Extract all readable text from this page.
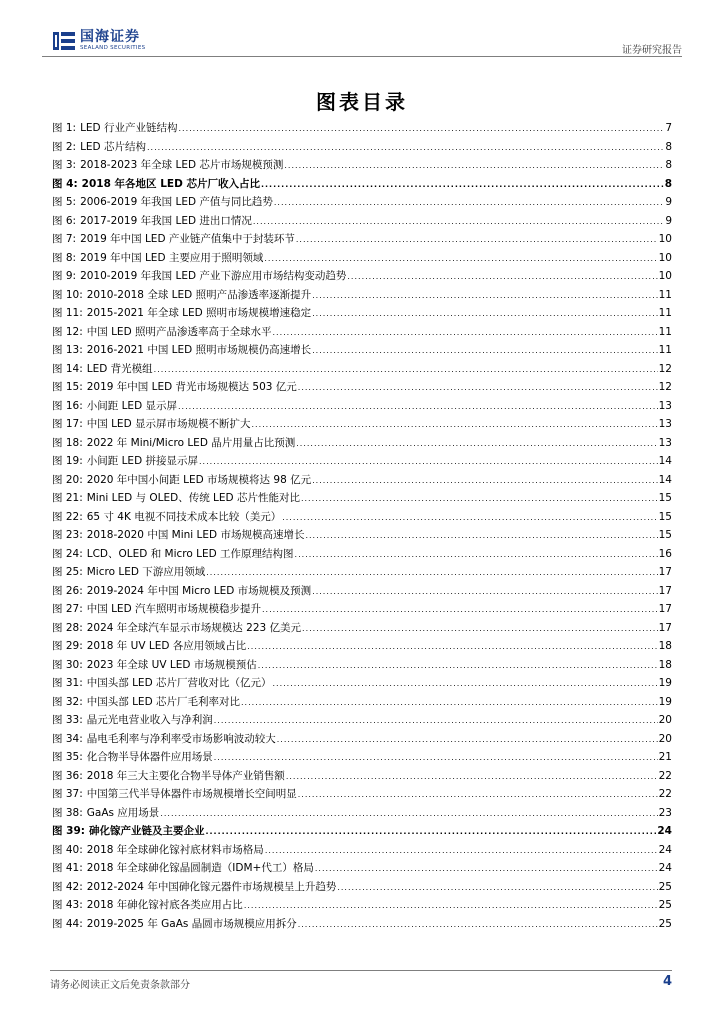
国海证券
SEALAND SECURITIES	证券研究报告
图表目录
图 1: LED 行业产业链结构 .....	7
图 2: LED 芯片结构 .....	8
图 3: 2018-2023 年全球 LED 芯片市场规模预测 .....	8
图 4: 2018 年各地区 LED 芯片厂收入占比 .....	8
图 5: 2006-2019 年我国 LED 产值与同比趋势 .....	9
图 6: 2017-2019 年我国 LED 进出口情况 .....	9
图 7: 2019 年中国 LED 产业链产值集中于封装环节 .....	10
图 8: 2019 年中国 LED 主要应用于照明领域 .....	10
图 9: 2010-2019 年我国 LED 产业下游应用市场结构变动趋势 .....	10
图 10: 2010-2018 全球 LED 照明产品渗透率逐渐提升 .....	11
图 11: 2015-2021 年全球 LED 照明市场规模增速稳定 .....	11
图 12: 中国 LED 照明产品渗透率高于全球水平 .....	11
图 13: 2016-2021 中国 LED 照明市场规模仍高速增长 .....	11
图 14: LED 背光模组 .....	12
图 15: 2019 年中国 LED 背光市场规模达 503 亿元 .....	12
图 16: 小间距 LED 显示屏 .....	13
图 17: 中国 LED 显示屏市场规模不断扩大 .....	13
图 18: 2022 年 Mini/Micro LED 晶片用量占比预测 .....	13
图 19: 小间距 LED 拼接显示屏 .....	14
图 20: 2020 年中国小间距 LED 市场规模将达 98 亿元 .....	14
图 21: Mini LED 与 OLED、传统 LED 芯片性能对比 .....	15
图 22: 65 寸 4K 电视不同技术成本比较（美元） .....	15
图 23: 2018-2020 中国 Mini LED 市场规模高速增长 .....	15
图 24: LCD、OLED 和 Micro LED 工作原理结构图 .....	16
图 25: Micro LED 下游应用领域 .....	17
图 26: 2019-2024 年中国 Micro LED 市场规模及预测 .....	17
图 27: 中国 LED 汽车照明市场规模稳步提升 .....	17
图 28: 2024 年全球汽车显示市场规模达 223 亿美元 .....	17
图 29: 2018 年 UV LED 各应用领域占比 .....	18
图 30: 2023 年全球 UV LED 市场规模预估 .....	18
图 31: 中国头部 LED 芯片厂营收对比（亿元） .....	19
图 32: 中国头部 LED 芯片厂毛利率对比 .....	19
图 33: 晶元光电营业收入与净利润 .....	20
图 34: 晶电毛利率与净利率受市场影响波动较大 .....	20
图 35: 化合物半导体器件应用场景 .....	21
图 36: 2018 年三大主要化合物半导体产业销售额 .....	22
图 37: 中国第三代半导体器件市场规模增长空间明显 .....	22
图 38: GaAs 应用场景 .....	23
图 39: 砷化镓产业链及主要企业 .....	24
图 40: 2018 年全球砷化镓衬底材料市场格局 .....	24
图 41: 2018 年全球砷化镓晶圆制造（IDM+代工）格局 .....	24
图 42: 2012-2024 年中国砷化镓元器件市场规模呈上升趋势 .....	25
图 43: 2018 年砷化镓衬底各类应用占比 .....	25
图 44: 2019-2025 年 GaAs 晶圆市场规模应用拆分 .....	25
请务必阅读正文后免责条款部分	4
